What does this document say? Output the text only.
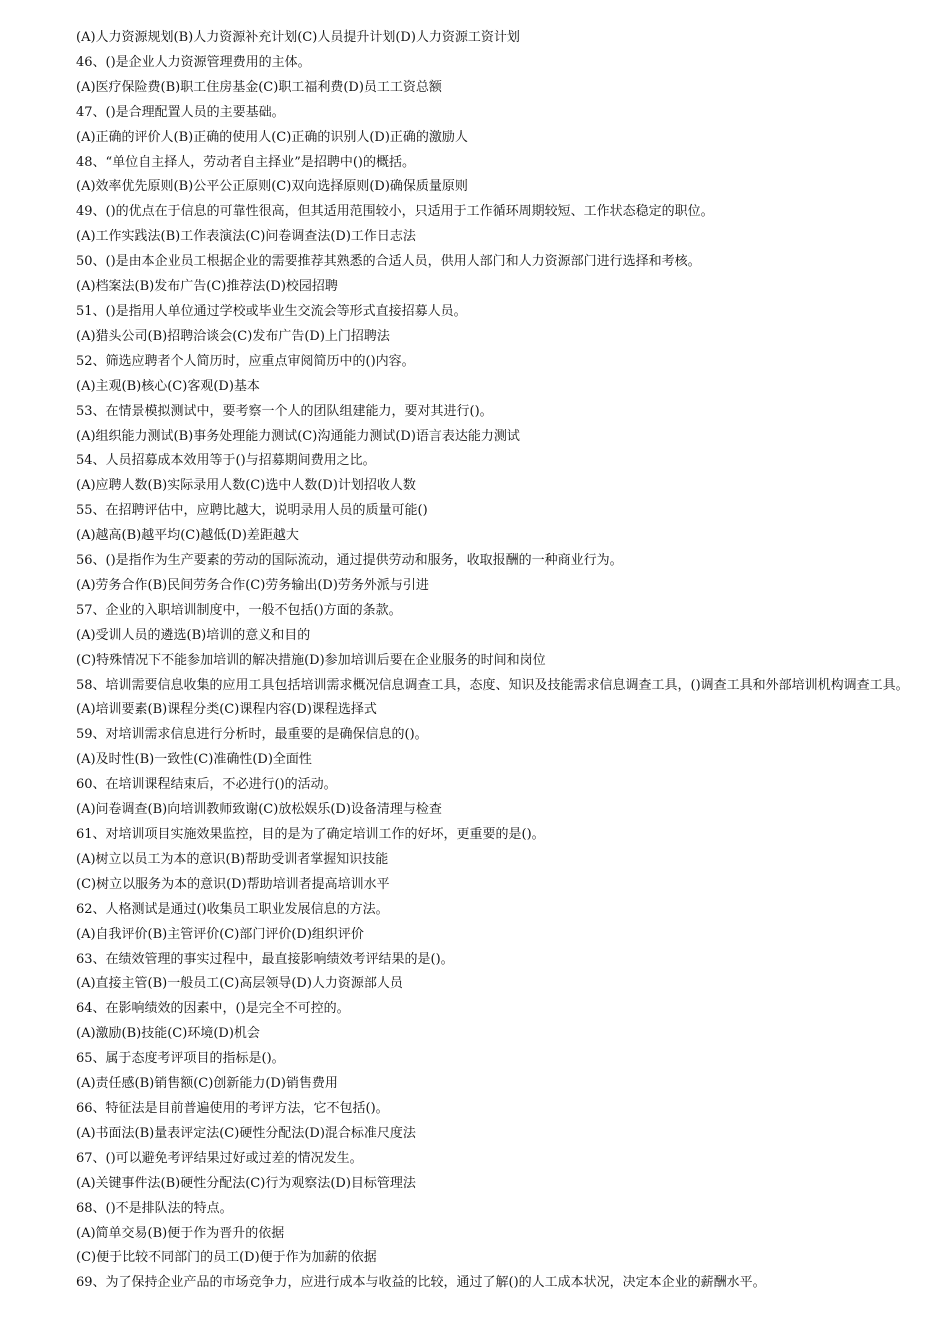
(A)人力资源规划(B)人力资源补充计划(C)人员提升计划(D)人力资源工资计划
46、()是企业人力资源管理费用的主体。
(A)医疗保险费(B)职工住房基金(C)职工福利费(D)员工工资总额
47、()是合理配置人员的主要基础。
(A)正确的评价人(B)正确的使用人(C)正确的识别人(D)正确的激励人
48、“单位自主择人，劳动者自主择业”是招聘中()的概括。
(A)效率优先原则(B)公平公正原则(C)双向选择原则(D)确保质量原则
49、()的优点在于信息的可靠性很高，但其适用范围较小，只适用于工作循环周期较短、工作状态稳定的职位。
(A)工作实践法(B)工作表演法(C)问卷调查法(D)工作日志法
50、()是由本企业员工根据企业的需要推荐其熟悉的合适人员，供用人部门和人力资源部门进行选择和考核。
(A)档案法(B)发布广告(C)推荐法(D)校园招聘
51、()是指用人单位通过学校或毕业生交流会等形式直接招募人员。
(A)猎头公司(B)招聘洽谈会(C)发布广告(D)上门招聘法
52、筛选应聘者个人简历时，应重点审阅简历中的()内容。
(A)主观(B)核心(C)客观(D)基本
53、在情景模拟测试中，要考察一个人的团队组建能力，要对其进行()。
(A)组织能力测试(B)事务处理能力测试(C)沟通能力测试(D)语言表达能力测试
54、人员招募成本效用等于()与招募期间费用之比。
(A)应聘人数(B)实际录用人数(C)选中人数(D)计划招收人数
55、在招聘评估中，应聘比越大，说明录用人员的质量可能()
(A)越高(B)越平均(C)越低(D)差距越大
56、()是指作为生产要素的劳动的国际流动，通过提供劳动和服务，收取报酬的一种商业行为。
(A)劳务合作(B)民间劳务合作(C)劳务输出(D)劳务外派与引进
57、企业的入职培训制度中，一般不包括()方面的条款。
(A)受训人员的遴选(B)培训的意义和目的
(C)特殊情况下不能参加培训的解决措施(D)参加培训后要在企业服务的时间和岗位
58、培训需要信息收集的应用工具包括培训需求概况信息调查工具，态度、知识及技能需求信息调查工具，()调查工具和外部培训机构调查工具。
(A)培训要素(B)课程分类(C)课程内容(D)课程选择式
59、对培训需求信息进行分析时，最重要的是确保信息的()。
(A)及时性(B)一致性(C)准确性(D)全面性
60、在培训课程结束后，不必进行()的活动。
(A)问卷调查(B)向培训教师致谢(C)放松娱乐(D)设备清理与检查
61、对培训项目实施效果监控，目的是为了确定培训工作的好坏，更重要的是()。
(A)树立以员工为本的意识(B)帮助受训者掌握知识技能
(C)树立以服务为本的意识(D)帮助培训者提高培训水平
62、人格测试是通过()收集员工职业发展信息的方法。
(A)自我评价(B)主管评价(C)部门评价(D)组织评价
63、在绩效管理的事实过程中，最直接影响绩效考评结果的是()。
(A)直接主管(B)一般员工(C)高层领导(D)人力资源部人员
64、在影响绩效的因素中，()是完全不可控的。
(A)激励(B)技能(C)环境(D)机会
65、属于态度考评项目的指标是()。
(A)责任感(B)销售额(C)创新能力(D)销售费用
66、特征法是目前普遍使用的考评方法，它不包括()。
(A)书面法(B)量表评定法(C)硬性分配法(D)混合标准尺度法
67、()可以避免考评结果过好或过差的情况发生。
(A)关键事件法(B)硬性分配法(C)行为观察法(D)目标管理法
68、()不是排队法的特点。
(A)简单交易(B)便于作为晋升的依据
(C)便于比较不同部门的员工(D)便于作为加薪的依据
69、为了保持企业产品的市场竞争力，应进行成本与收益的比较，通过了解()的人工成本状况，决定本企业的薪酬水平。
